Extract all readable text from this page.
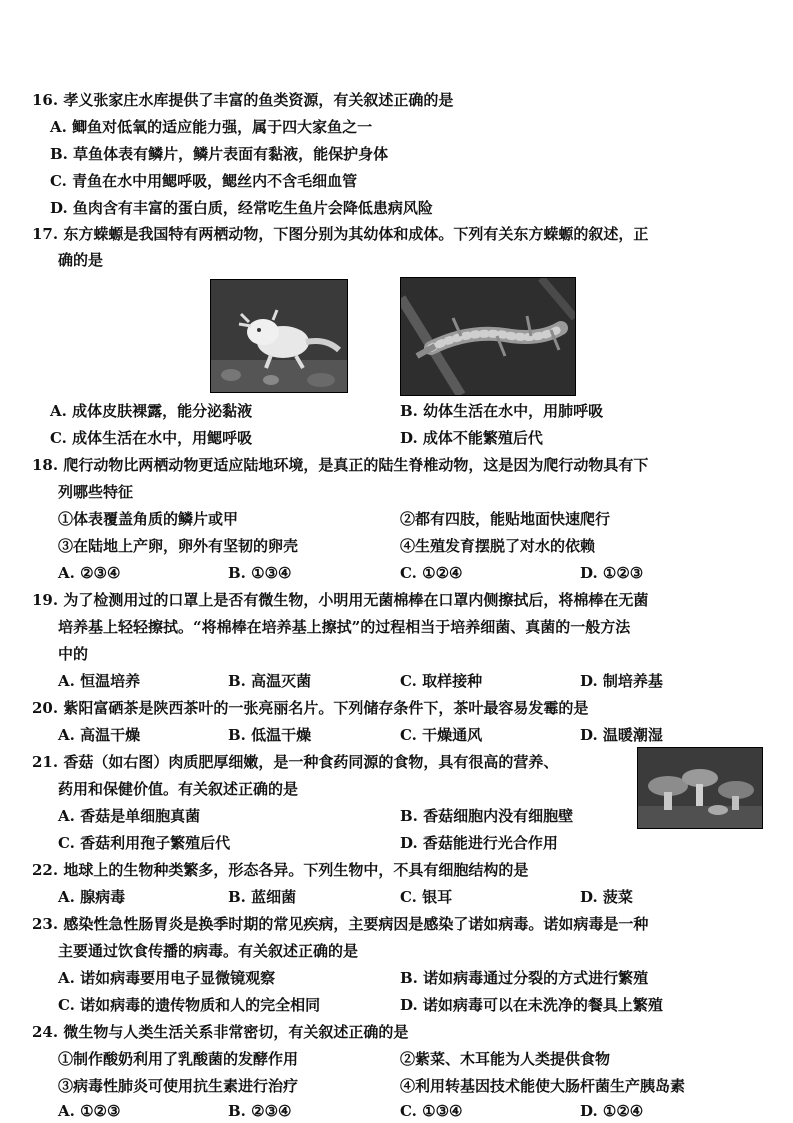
16. 孝义张家庄水库提供了丰富的鱼类资源，有关叙述正确的是
A. 鲫鱼对低氧的适应能力强，属于四大家鱼之一
B. 草鱼体表有鳞片，鳞片表面有黏液，能保护身体
C. 青鱼在水中用鳃呼吸，鳃丝内不含毛细血管
D. 鱼肉含有丰富的蛋白质，经常吃生鱼片会降低患病风险
17. 东方蝾螈是我国特有两栖动物，下图分别为其幼体和成体。下列有关东方蝾螈的叙述，正
确的是
A. 成体皮肤裸露，能分泌黏液	B. 幼体生活在水中，用肺呼吸
C. 成体生活在水中，用鳃呼吸	D. 成体不能繁殖后代
18. 爬行动物比两栖动物更适应陆地环境，是真正的陆生脊椎动物，这是因为爬行动物具有下
列哪些特征
①体表覆盖角质的鳞片或甲	②都有四肢，能贴地面快速爬行
③在陆地上产卵，卵外有坚韧的卵壳	④生殖发育摆脱了对水的依赖
A. ②③④	B. ①③④	C. ①②④	D. ①②③
19. 为了检测用过的口罩上是否有微生物，小明用无菌棉棒在口罩内侧擦拭后，将棉棒在无菌
培养基上轻轻擦拭。“将棉棒在培养基上擦拭”的过程相当于培养细菌、真菌的一般方法
中的
A. 恒温培养	B. 高温灭菌	C. 取样接种	D. 制培养基
20. 紫阳富硒茶是陕西茶叶的一张亮丽名片。下列储存条件下，茶叶最容易发霉的是
A. 高温干燥	B. 低温干燥	C. 干燥通风	D. 温暖潮湿
21. 香菇（如右图）肉质肥厚细嫩，是一种食药同源的食物，具有很高的营养、
药用和保健价值。有关叙述正确的是
A. 香菇是单细胞真菌	B. 香菇细胞内没有细胞壁
C. 香菇利用孢子繁殖后代	D. 香菇能进行光合作用
22. 地球上的生物种类繁多，形态各异。下列生物中，不具有细胞结构的是
A. 腺病毒	B. 蓝细菌	C. 银耳	D. 菠菜
23. 感染性急性肠胃炎是换季时期的常见疾病，主要病因是感染了诺如病毒。诺如病毒是一种
主要通过饮食传播的病毒。有关叙述正确的是
A. 诺如病毒要用电子显微镜观察	B. 诺如病毒通过分裂的方式进行繁殖
C. 诺如病毒的遗传物质和人的完全相同	D. 诺如病毒可以在未洗净的餐具上繁殖
24. 微生物与人类生活关系非常密切，有关叙述正确的是
①制作酸奶利用了乳酸菌的发酵作用	②紫菜、木耳能为人类提供食物
③病毒性肺炎可使用抗生素进行治疗	④利用转基因技术能使大肠杆菌生产胰岛素
A. ①②③	B. ②③④	C. ①③④	D. ①②④
